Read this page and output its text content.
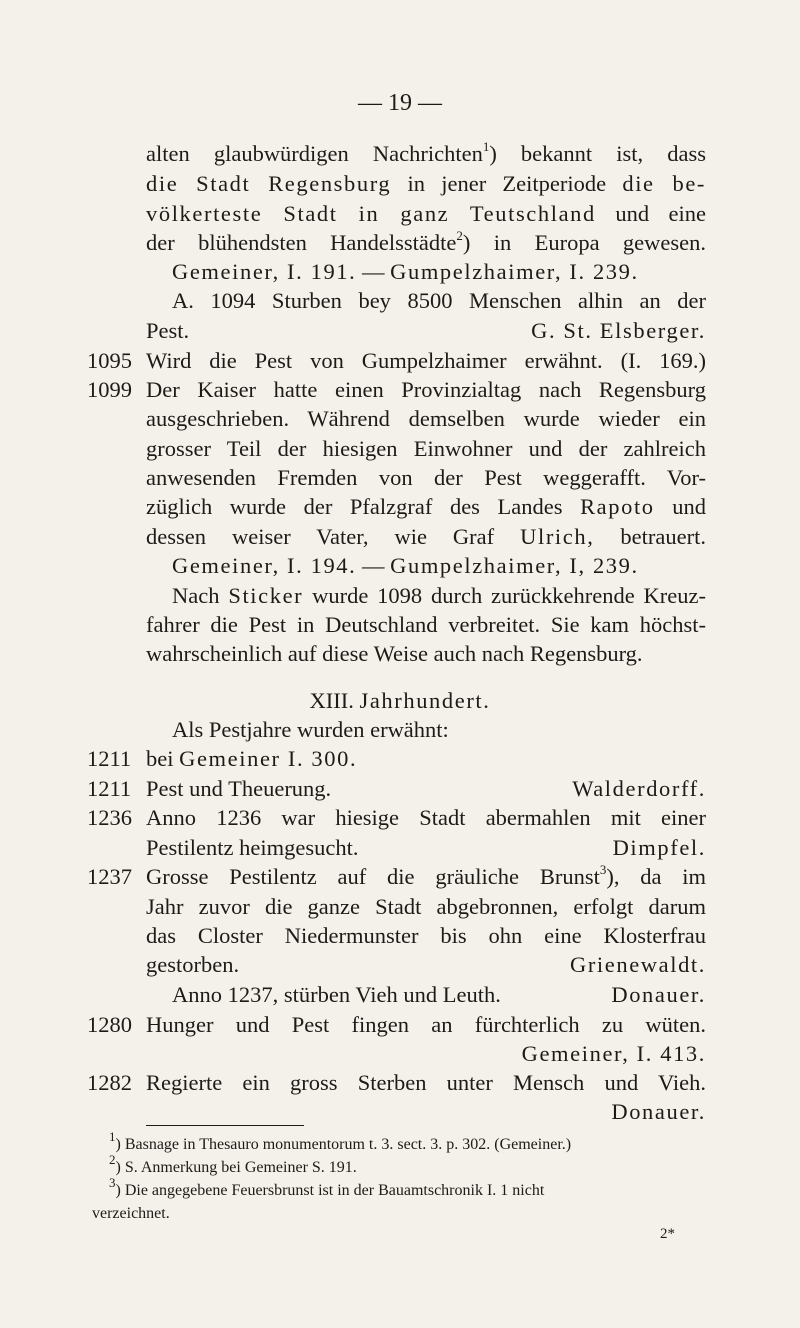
— 19 —
alten glaubwürdigen Nachrichten$^1$) bekannt ist, dass
die Stadt Regensburg in jener Zeitperiode die be-
völkerteste Stadt in ganz Teutschland und eine
der blühendsten Handelsstädte$^2$) in Europa gewesen.
Gemeiner, I. 191. — Gumpelzhaimer, I. 239.
A. 1094 Sturben bey 8500 Menschen alhin an der
Pest.	G. St. Elsberger.
1095 Wird die Pest von Gumpelzhaimer erwähnt. (I. 169.)
1099 Der Kaiser hatte einen Provinzialtag nach Regensburg
ausgeschrieben. Während demselben wurde wieder ein
grosser Teil der hiesigen Einwohner und der zahlreich
anwesenden Fremden von der Pest weggerafft. Vor-
züglich wurde der Pfalzgraf des Landes Rapoto und
dessen weiser Vater, wie Graf Ulrich, betrauert.
Gemeiner, I. 194. — Gumpelzhaimer, I, 239.
Nach Sticker wurde 1098 durch zurückkehrende Kreuz-
fahrer die Pest in Deutschland verbreitet. Sie kam höchst-
wahrscheinlich auf diese Weise auch nach Regensburg.
XIII. Jahrhundert.
Als Pestjahre wurden erwähnt:
1211 bei Gemeiner I. 300.
1211 Pest und Theuerung.	Walderdorff.
1236 Anno 1236 war hiesige Stadt abermahlen mit einer
Pestilentz heimgesucht.	Dimpfel.
1237 Grosse Pestilentz auf die gräuliche Brunst$^3$), da im
Jahr zuvor die ganze Stadt abgebronnen, erfolgt darum
das Closter Niedermunster bis ohn eine Klosterfrau
gestorben.	Grienewaldt.
Anno 1237, stürben Vieh und Leuth.	Donauer.
1280 Hunger und Pest fingen an fürchterlich zu wüten.
Gemeiner, I. 413.
1282 Regierte ein gross Sterben unter Mensch und Vieh.
Donauer.
$^1$) Basnage in Thesauro monumentorum t. 3. sect. 3. p. 302. (Gemeiner.)
$^2$) S. Anmerkung bei Gemeiner S. 191.
$^3$) Die angegebene Feuersbrunst ist in der Bauamtschronik I. 1 nicht
verzeichnet.
2*
